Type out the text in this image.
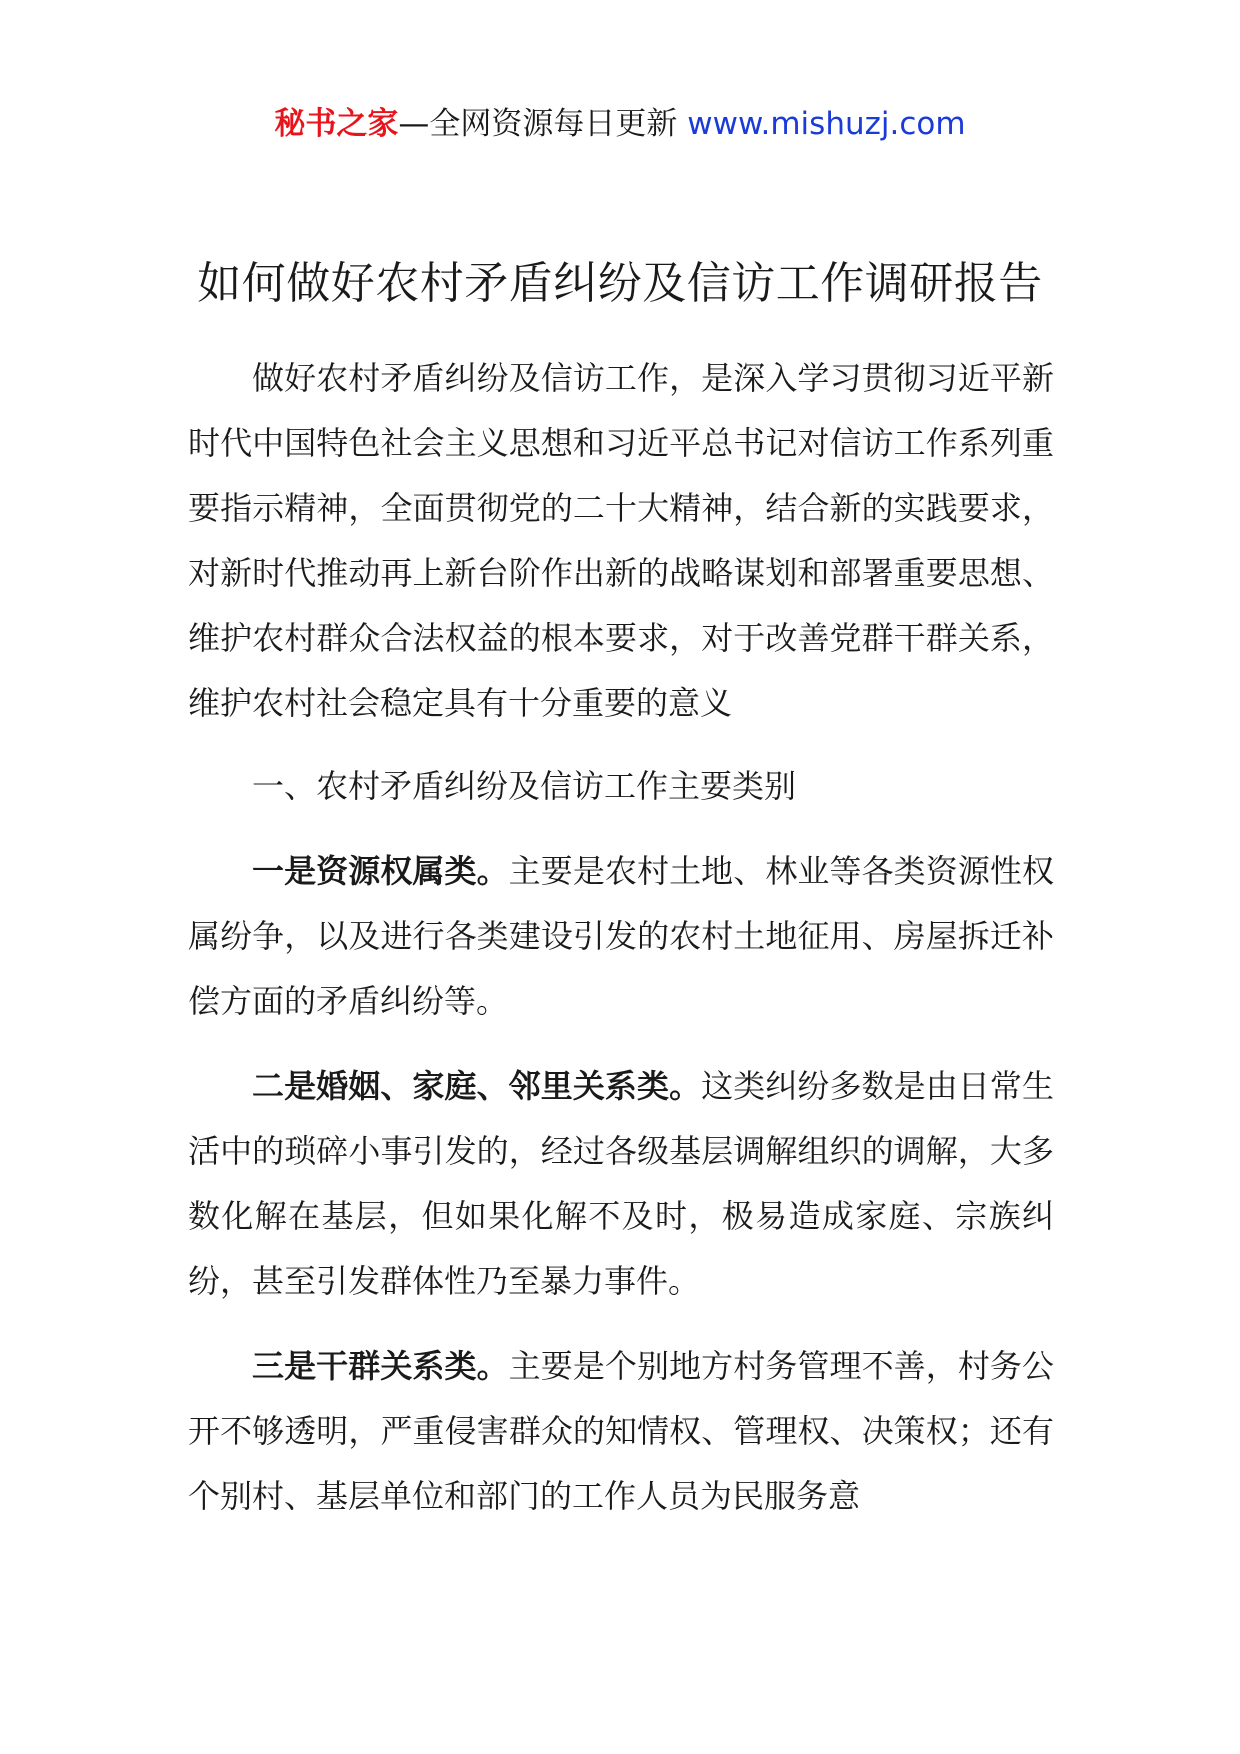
秘书之家—全网资源每日更新 www.mishuzj.com
如何做好农村矛盾纠纷及信访工作调研报告

做好农村矛盾纠纷及信访工作，是深入学习贯彻习近平新时代中国特色社会主义思想和习近平总书记对信访工作系列重要指示精神，全面贯彻党的二十大精神，结合新的实践要求，对新时代推动再上新台阶作出新的战略谋划和部署重要思想、维护农村群众合法权益的根本要求，对于改善党群干群关系，维护农村社会稳定具有十分重要的意义

一、农村矛盾纠纷及信访工作主要类别

一是资源权属类。主要是农村土地、林业等各类资源性权属纷争，以及进行各类建设引发的农村土地征用、房屋拆迁补偿方面的矛盾纠纷等。

二是婚姻、家庭、邻里关系类。这类纠纷多数是由日常生活中的琐碎小事引发的，经过各级基层调解组织的调解，大多数化解在基层，但如果化解不及时，极易造成家庭、宗族纠纷，甚至引发群体性乃至暴力事件。

三是干群关系类。主要是个别地方村务管理不善，村务公开不够透明，严重侵害群众的知情权、管理权、决策权；还有个别村、基层单位和部门的工作人员为民服务意
